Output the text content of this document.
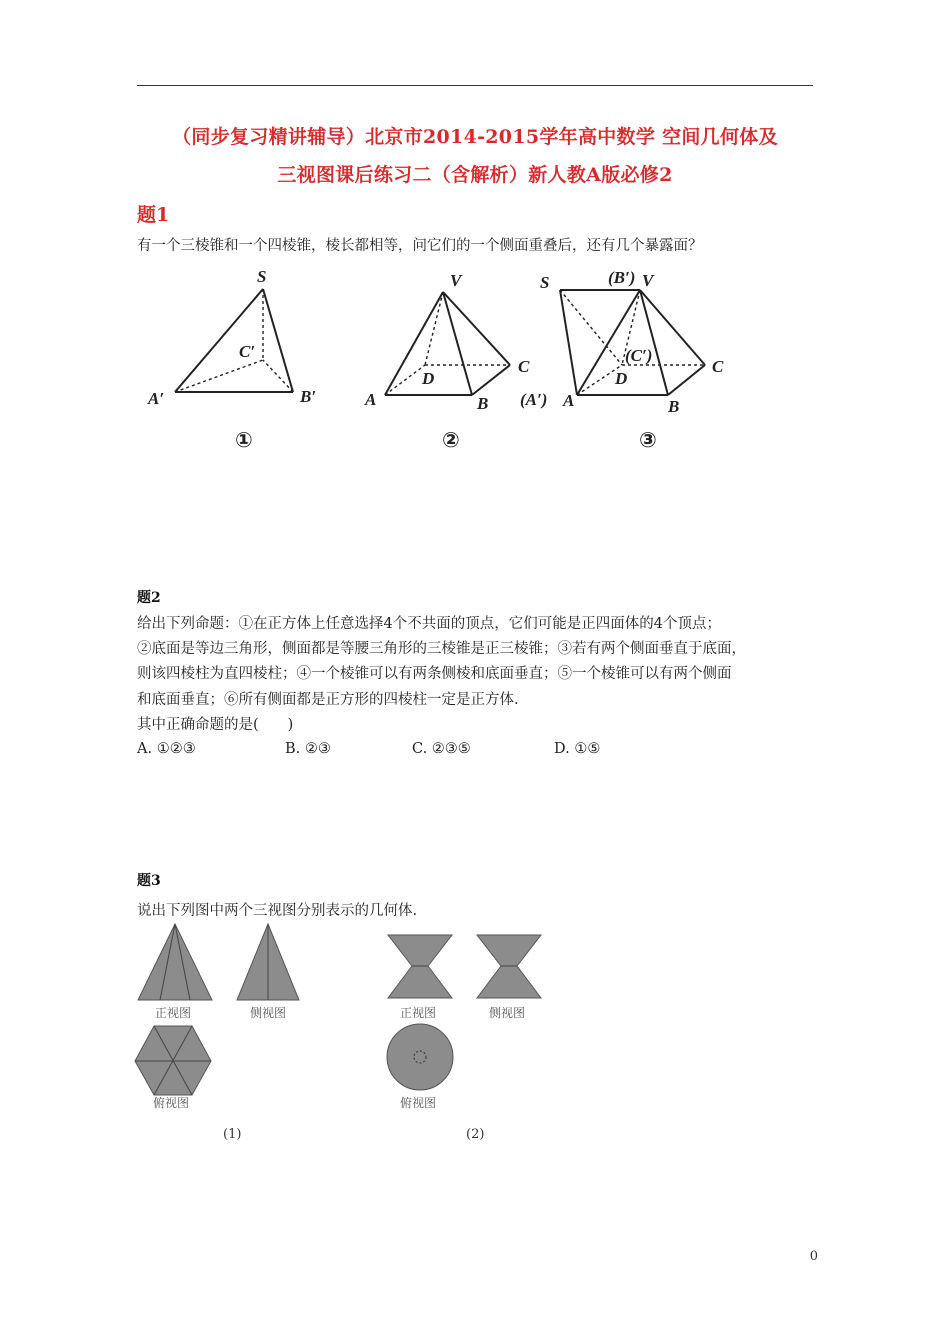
（同步复习精讲辅导）北京市2014-2015学年高中数学 空间几何体及
三视图课后练习二（含解析）新人教A版必修2
题1
有一个三棱锥和一个四棱锥，棱长都相等，问它们的一个侧面重叠后，还有几个暴露面？
S
C′
A′	B′
V
D
C
A	B
S	(B′) V
(C′)
D
C
(A′) A	B
①	②	③
题2
给出下列命题：①在正方体上任意选择4个不共面的顶点，它们可能是正四面体的4个顶点；
②底面是等边三角形，侧面都是等腰三角形的三棱锥是正三棱锥；③若有两个侧面垂直于底面，
则该四棱柱为直四棱柱；④一个棱锥可以有两条侧棱和底面垂直；⑤一个棱锥可以有两个侧面
和底面垂直；⑥所有侧面都是正方形的四棱柱一定是正方体.
其中正确命题的是(　　)
A. ①②③	B. ②③	C. ②③⑤	D. ①⑤
题3
说出下列图中两个三视图分别表示的几何体.
正视图	侧视图
俯视图
正视图	侧视图
俯视图
(1)	(2)
0
